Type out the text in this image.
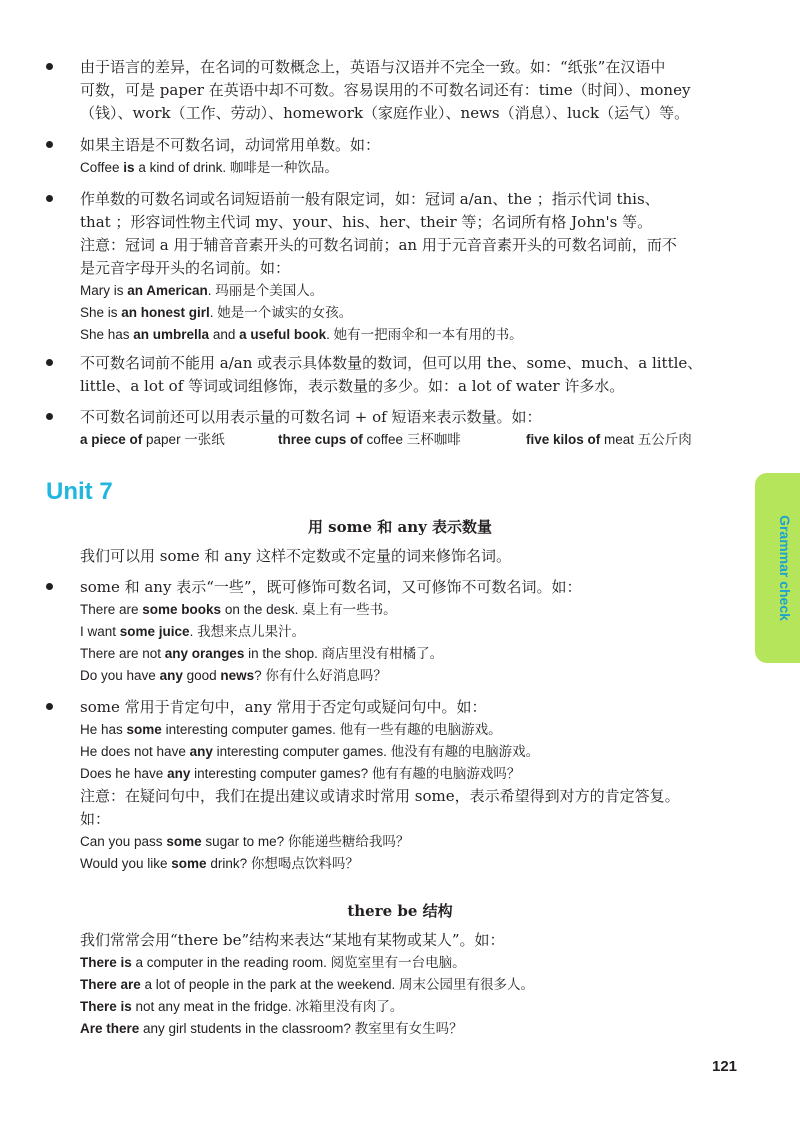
由于语言的差异，在名词的可数概念上，英语与汉语并不完全一致。如：“纸张”在汉语中
可数，可是 paper 在英语中却不可数。容易误用的不可数名词还有：time（时间）、money
（钱）、work（工作、劳动）、homework（家庭作业）、news（消息）、luck（运气）等。
如果主语是不可数名词，动词常用单数。如：
Coffee is a kind of drink. 咖啡是一种饮品。
作单数的可数名词或名词短语前一般有限定词，如：冠词 a/an、the ；指示代词 this、
that ；形容词性物主代词 my、your、his、her、their 等；名词所有格 John's 等。
注意：冠词 a 用于辅音音素开头的可数名词前；an 用于元音音素开头的可数名词前，而不
是元音字母开头的名词前。如：
Mary is an American. 玛丽是个美国人。
She is an honest girl. 她是一个诚实的女孩。
She has an umbrella and a useful book. 她有一把雨伞和一本有用的书。
不可数名词前不能用 a/an 或表示具体数量的数词，但可以用 the、some、much、a little、
little、a lot of 等词或词组修饰，表示数量的多少。如：a lot of water 许多水。
不可数名词前还可以用表示量的可数名词 + of 短语来表示数量。如：
a piece of paper 一张纸	three cups of coffee 三杯咖啡	five kilos of meat 五公斤肉
Unit 7
Grammar check
用 some 和 any 表示数量
我们可以用 some 和 any 这样不定数或不定量的词来修饰名词。
some 和 any 表示“一些”，既可修饰可数名词，又可修饰不可数名词。如：
There are some books on the desk. 桌上有一些书。
I want some juice. 我想来点儿果汁。
There are not any oranges in the shop. 商店里没有柑橘了。
Do you have any good news? 你有什么好消息吗？
some 常用于肯定句中，any 常用于否定句或疑问句中。如：
He has some interesting computer games. 他有一些有趣的电脑游戏。
He does not have any interesting computer games. 他没有有趣的电脑游戏。
Does he have any interesting computer games? 他有有趣的电脑游戏吗？
注意：在疑问句中，我们在提出建议或请求时常用 some，表示希望得到对方的肯定答复。
如：
Can you pass some sugar to me? 你能递些糖给我吗？
Would you like some drink? 你想喝点饮料吗？
there be 结构
我们常常会用“there be”结构来表达“某地有某物或某人”。如：
There is a computer in the reading room. 阅览室里有一台电脑。
There are a lot of people in the park at the weekend. 周末公园里有很多人。
There is not any meat in the fridge. 冰箱里没有肉了。
Are there any girl students in the classroom? 教室里有女生吗？
121
